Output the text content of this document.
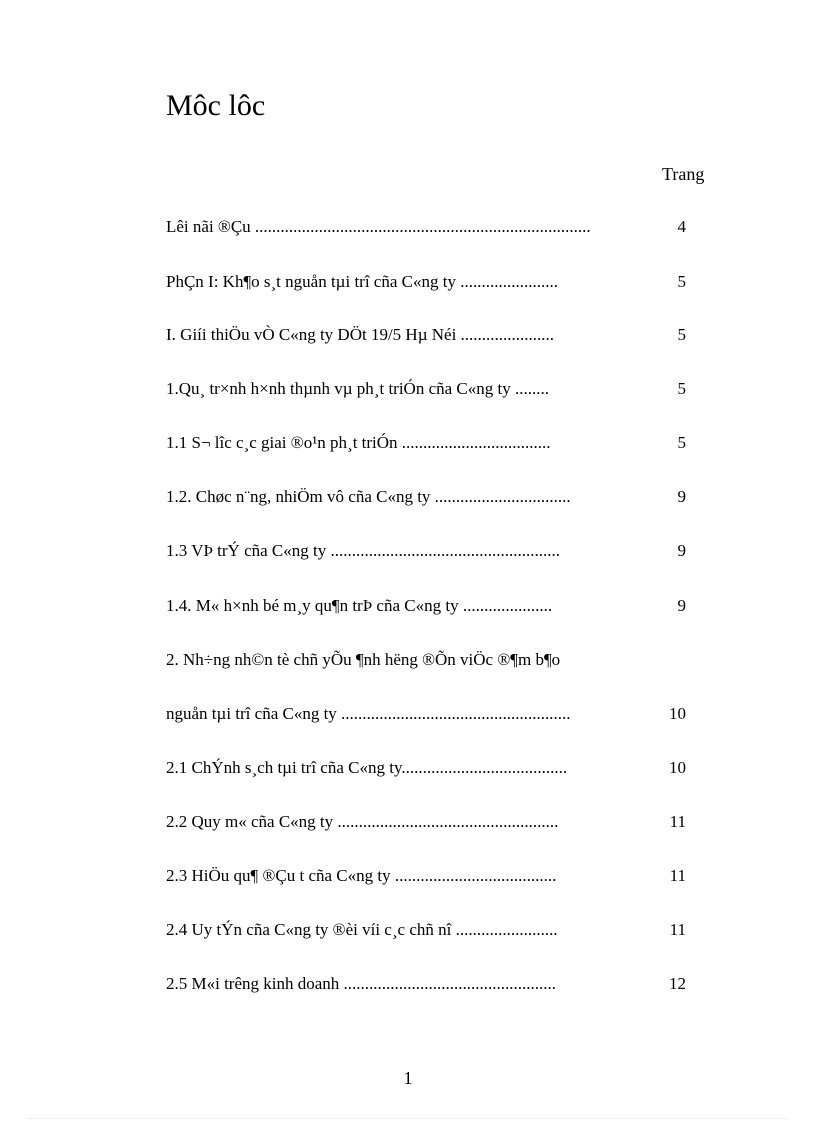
Môc lôc
Trang
Lêi nãi ®Çu ...............................................................................	4
PhÇn I: Kh¶o s¸t nguån tµi trî cña C«ng ty .......................	5
I. Giíi thiÖu vÒ C«ng ty DÖt 19/5 Hµ Néi ......................	5
1.Qu¸ tr×nh h×nh thµnh vµ ph¸t triÓn cña C«ng ty ........	5
1.1 S¬ lîc c¸c giai ®o¹n ph¸t triÓn ...................................	5
1.2. Chøc n¨ng, nhiÖm vô cña C«ng ty ................................	9
1.3 VÞ trÝ cña C«ng ty ......................................................	9
1.4. M« h×nh bé m¸y qu¶n trÞ cña C«ng ty .....................	9
2. Nh÷ng nh©n tè chñ yÕu ¶nh hëng ®Õn viÖc ®¶m b¶o
nguån tµi trî cña C«ng ty ......................................................	10
2.1 ChÝnh s¸ch tµi trî cña C«ng ty.......................................	10
2.2 Quy m« cña C«ng ty ....................................................	11
2.3 HiÖu qu¶ ®Çu t cña C«ng ty ......................................	11
2.4 Uy tÝn cña C«ng ty ®èi víi c¸c chñ nî ........................	11
2.5 M«i trêng kinh doanh ..................................................	12
1
